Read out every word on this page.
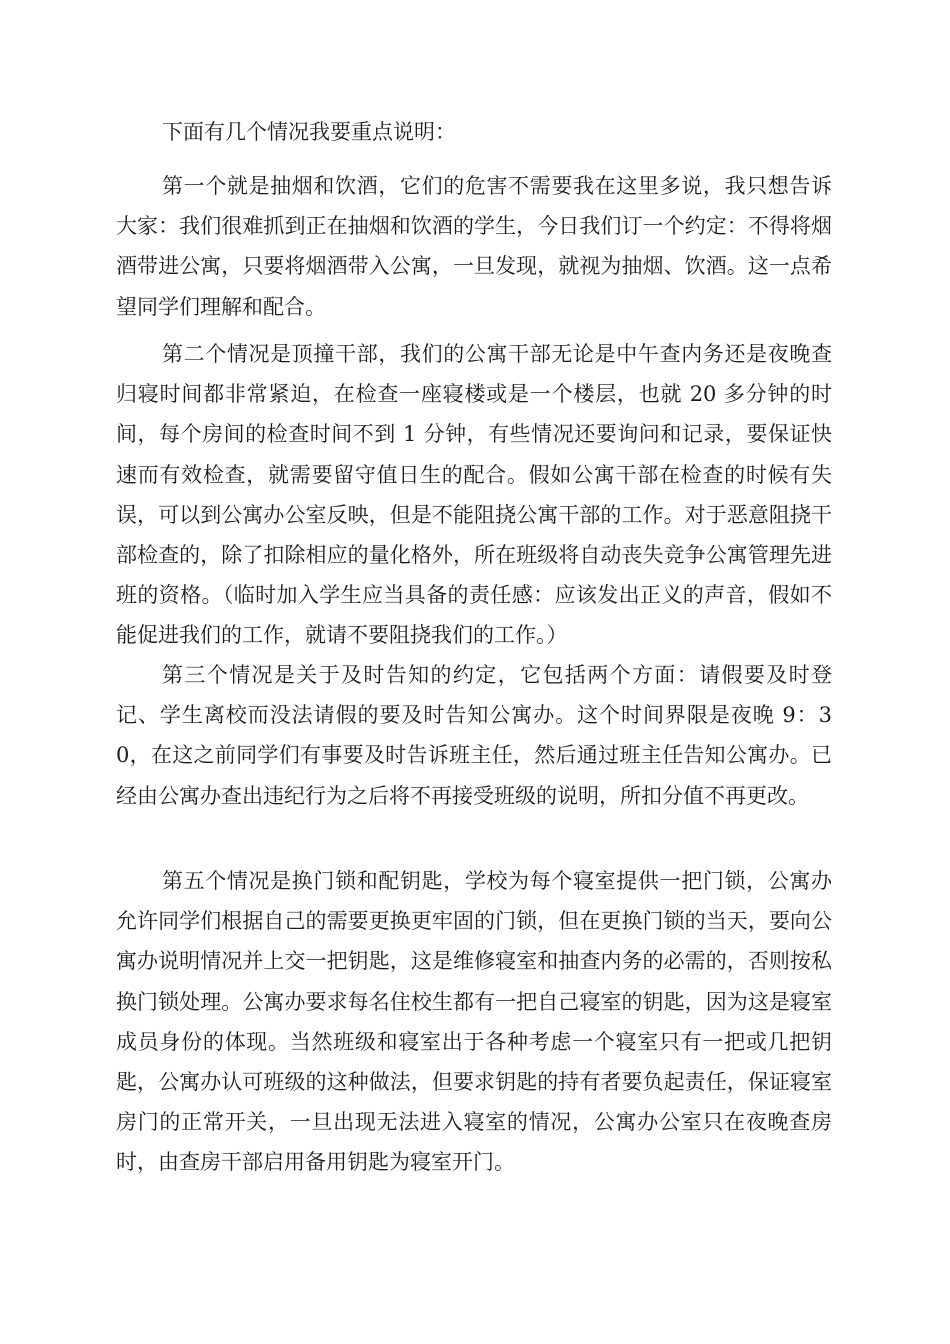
下面有几个情况我要重点说明：

第一个就是抽烟和饮酒，它们的危害不需要我在这里多说，我只想告诉大家：我们很难抓到正在抽烟和饮酒的学生，今日我们订一个约定：不得将烟酒带进公寓，只要将烟酒带入公寓，一旦发现，就视为抽烟、饮酒。这一点希望同学们理解和配合。

第二个情况是顶撞干部，我们的公寓干部无论是中午查内务还是夜晚查归寝时间都非常紧迫，在检查一座寝楼或是一个楼层，也就 20 多分钟的时间，每个房间的检查时间不到 1 分钟，有些情况还要询问和记录，要保证快速而有效检查，就需要留守值日生的配合。假如公寓干部在检查的时候有失误，可以到公寓办公室反映，但是不能阻挠公寓干部的工作。对于恶意阻挠干部检查的，除了扣除相应的量化格外，所在班级将自动丧失竞争公寓管理先进班的资格。（临时加入学生应当具备的责任感：应该发出正义的声音，假如不能促进我们的工作，就请不要阻挠我们的工作。）

第三个情况是关于及时告知的约定，它包括两个方面：请假要及时登记、学生离校而没法请假的要及时告知公寓办。这个时间界限是夜晚 9：30，在这之前同学们有事要及时告诉班主任，然后通过班主任告知公寓办。已经由公寓办查出违纪行为之后将不再接受班级的说明，所扣分值不再更改。

第五个情况是换门锁和配钥匙，学校为每个寝室提供一把门锁，公寓办允许同学们根据自己的需要更换更牢固的门锁，但在更换门锁的当天，要向公寓办说明情况并上交一把钥匙，这是维修寝室和抽查内务的必需的，否则按私换门锁处理。公寓办要求每名住校生都有一把自己寝室的钥匙，因为这是寝室成员身份的体现。当然班级和寝室出于各种考虑一个寝室只有一把或几把钥匙，公寓办认可班级的这种做法，但要求钥匙的持有者要负起责任，保证寝室房门的正常开关，一旦出现无法进入寝室的情况，公寓办公室只在夜晚查房时，由查房干部启用备用钥匙为寝室开门。
